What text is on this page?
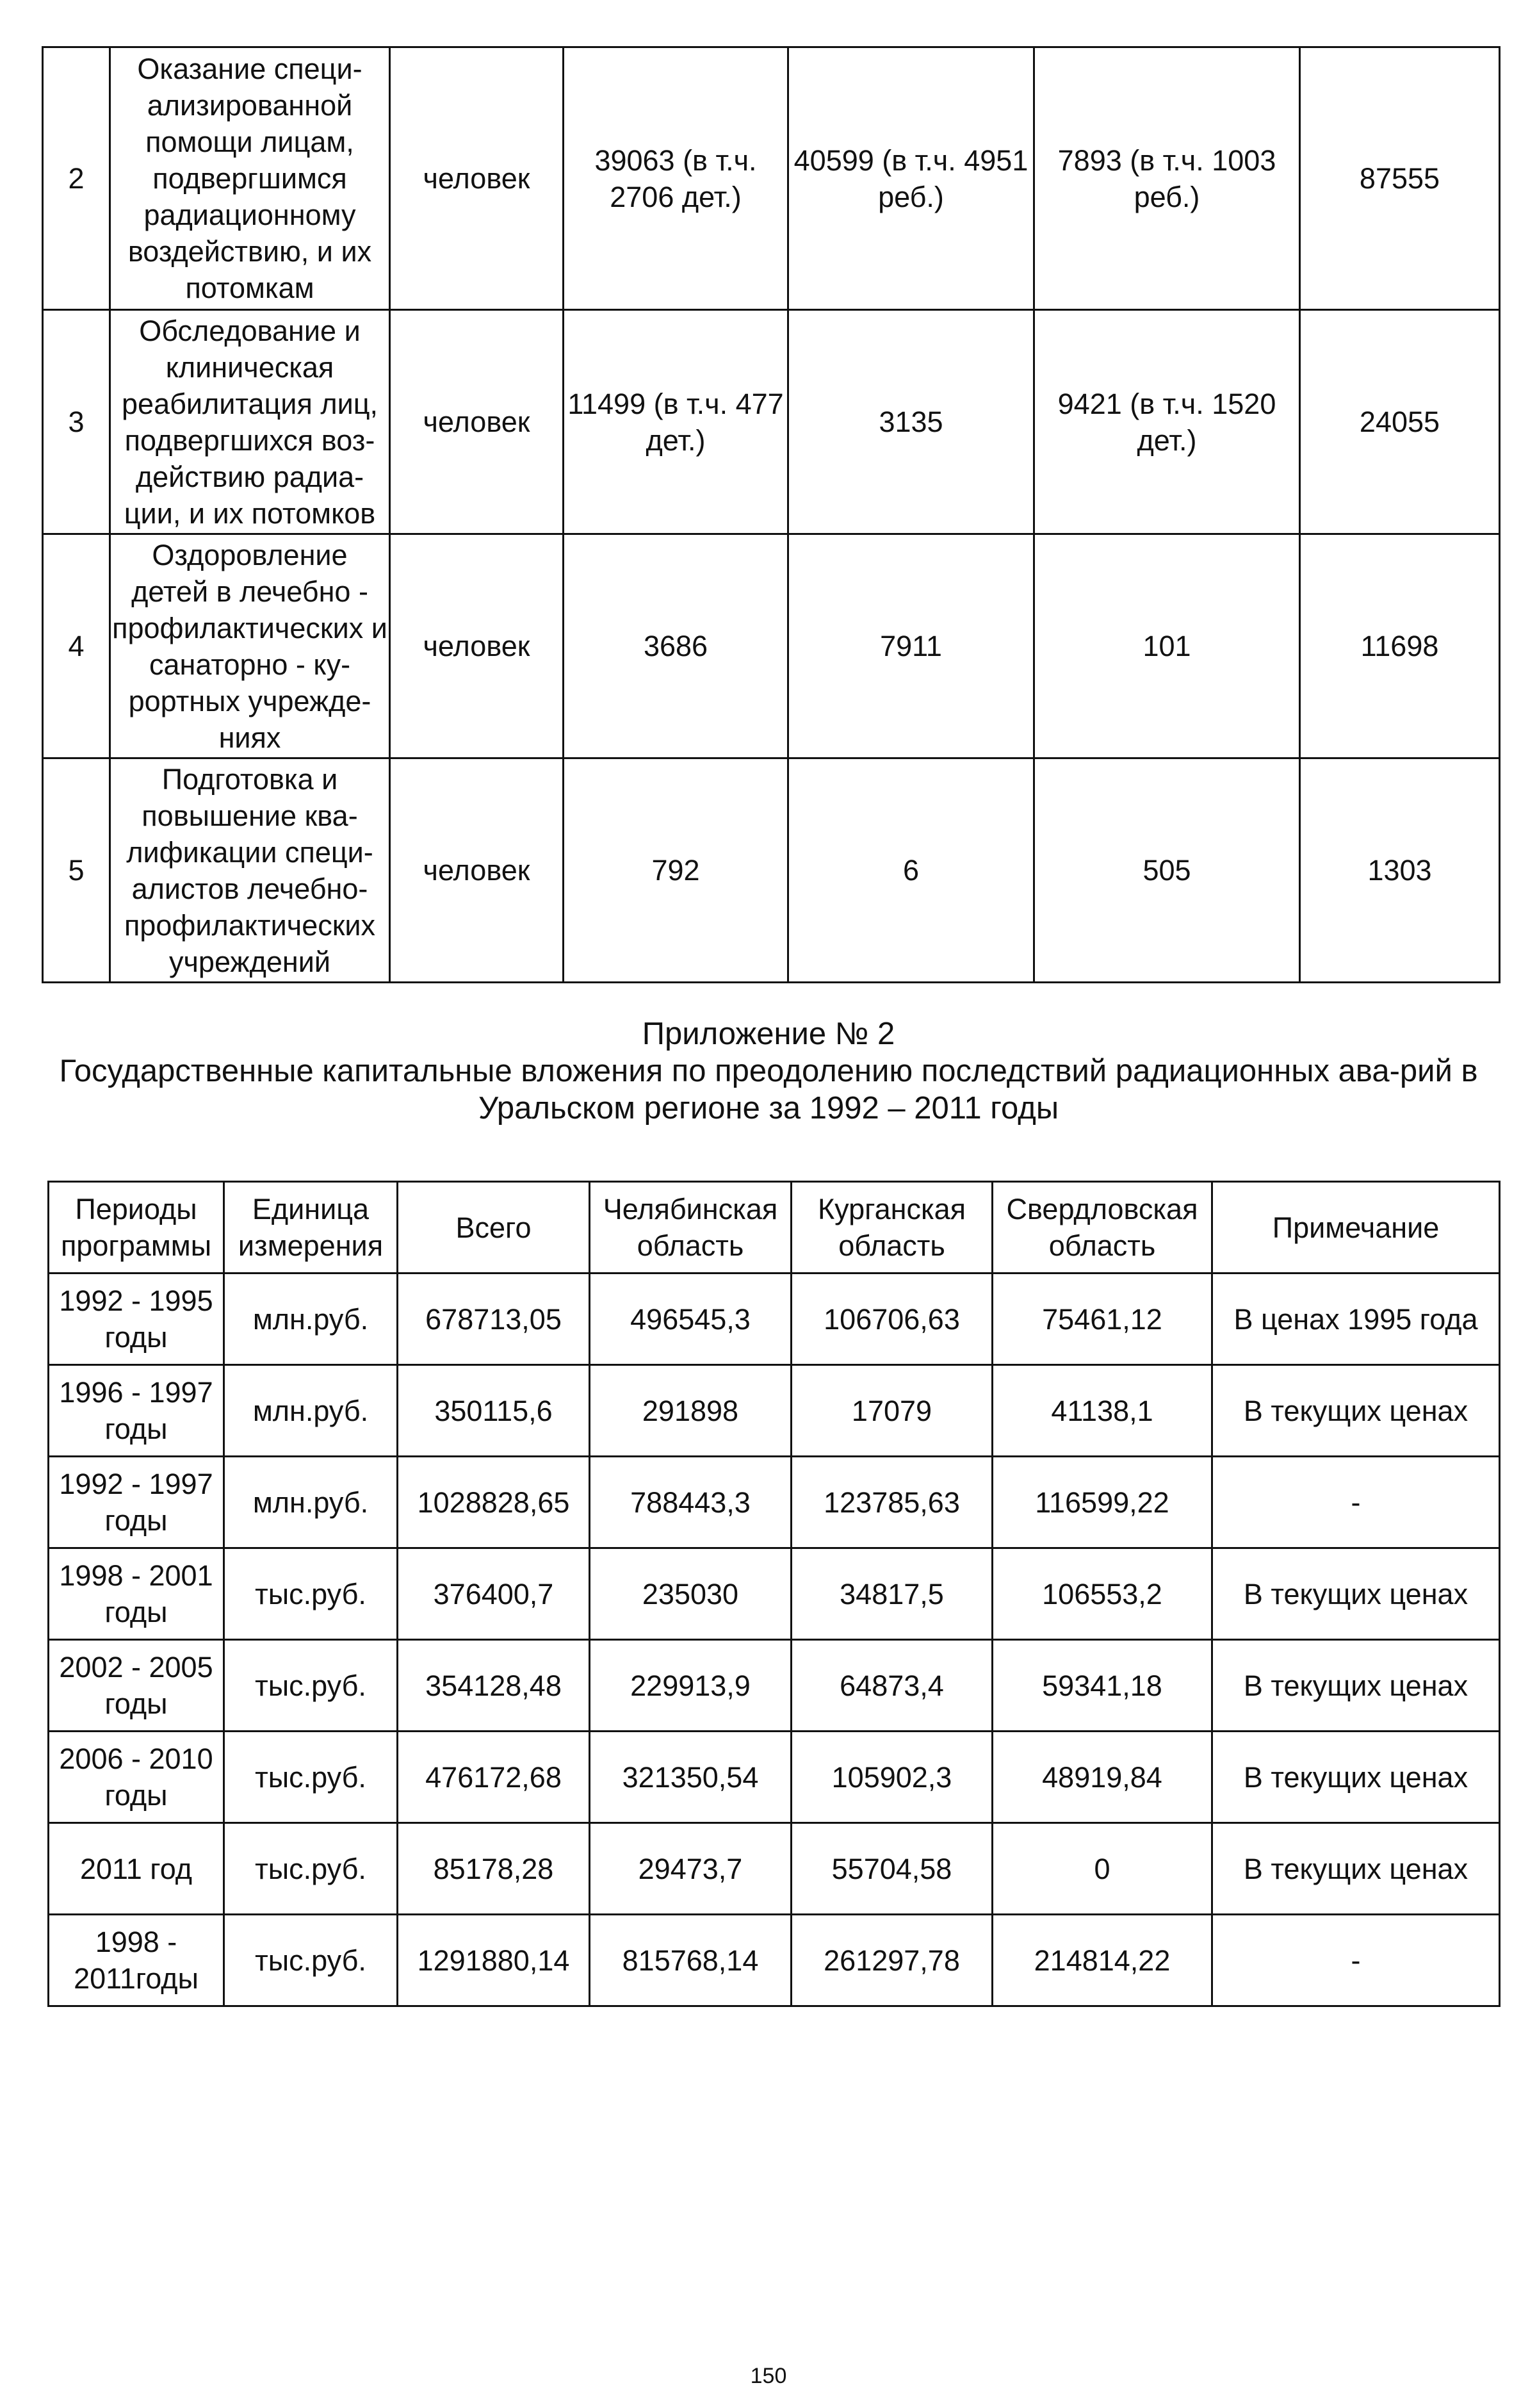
2	Оказание специ-ализированной помощи лицам, подвергшимся радиационному воздействию, и их потомкам	человек	39063 (в т.ч. 2706 дет.)	40599 (в т.ч. 4951 реб.)	7893 (в т.ч. 1003 реб.)	87555
3	Обследование и клиническая реабилитация лиц, подвергшихся воз-действию радиа-ции, и их потомков	человек	11499 (в т.ч. 477 дет.)	3135	9421 (в т.ч. 1520 дет.)	24055
4	Оздоровление детей в лечебно - профилактических и санаторно - ку-рортных учрежде-ниях	человек	3686	7911	101	11698
5	Подготовка и повышение ква-лификации специ-алистов лечебно-профилактических учреждений	человек	792	6	505	1303
Приложение № 2
Государственные капитальные вложения по преодолению последствий радиационных ава-рий в Уральском регионе за 1992 – 2011 годы
Периоды программы	Единица измерения	Всего	Челябинская область	Курганская область	Свердловская область	Примечание
1992 - 1995 годы	млн.руб.	678713,05	496545,3	106706,63	75461,12	В ценах 1995 года
1996 - 1997 годы	млн.руб.	350115,6	291898	17079	41138,1	В текущих ценах
1992 - 1997 годы	млн.руб.	1028828,65	788443,3	123785,63	116599,22	-
1998 - 2001 годы	тыс.руб.	376400,7	235030	34817,5	106553,2	В текущих ценах
2002 - 2005 годы	тыс.руб.	354128,48	229913,9	64873,4	59341,18	В текущих ценах
2006 - 2010 годы	тыс.руб.	476172,68	321350,54	105902,3	48919,84	В текущих ценах
2011 год	тыс.руб.	85178,28	29473,7	55704,58	0	В текущих ценах
1998 - 2011годы	тыс.руб.	1291880,14	815768,14	261297,78	214814,22	-
150
